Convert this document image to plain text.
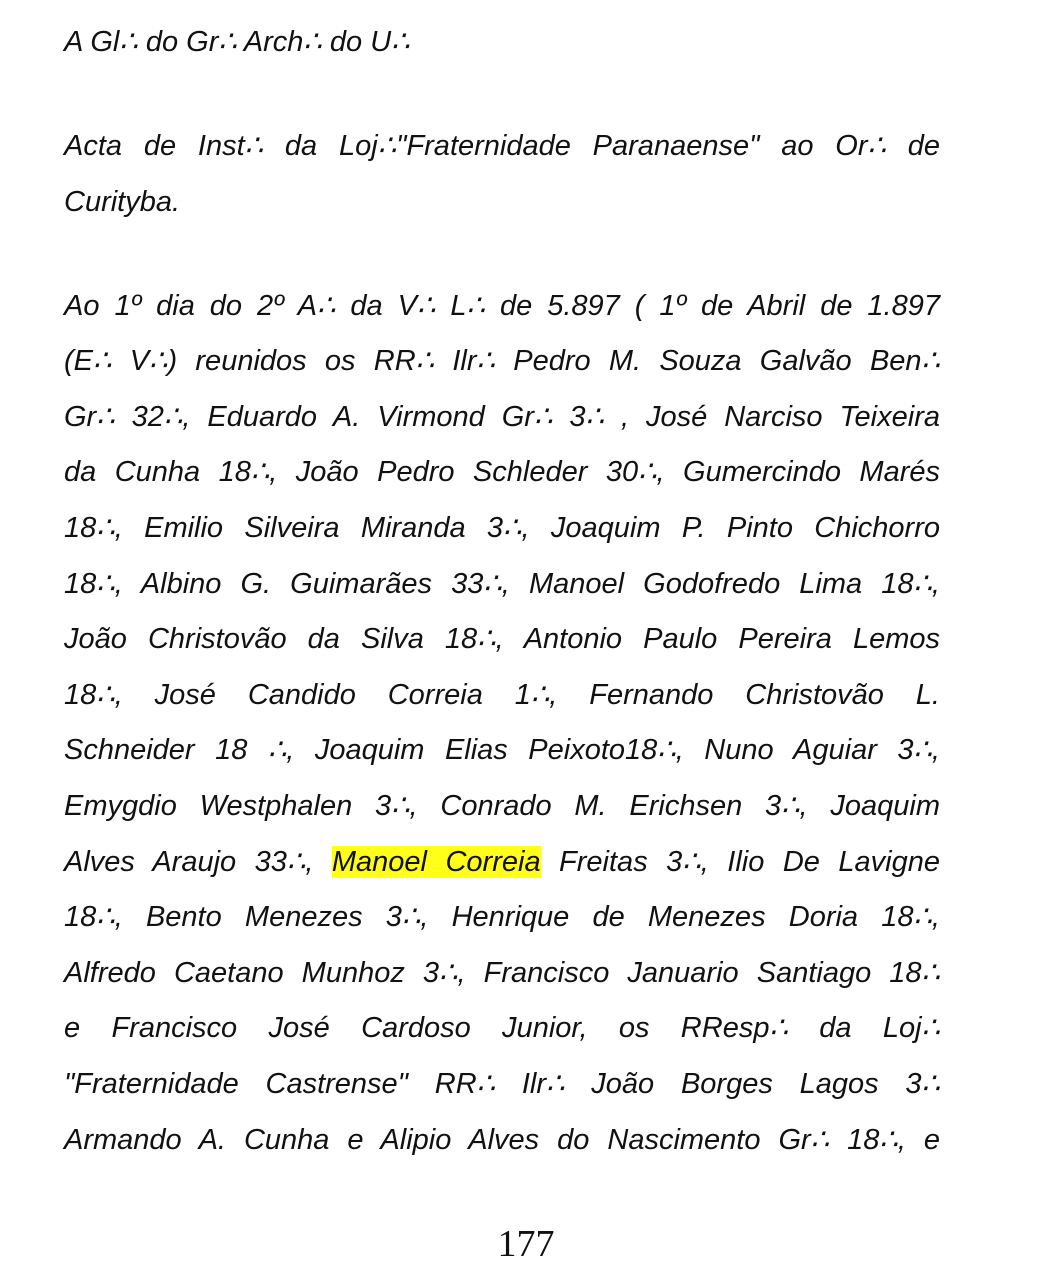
A Gl∴ do Gr∴ Arch∴ do U∴
Acta de Inst∴ da Loj∴"Fraternidade Paranaense" ao Or∴ de
Curityba.
Ao 1º dia do 2º A∴ da V∴ L∴ de 5.897 ( 1º de Abril de 1.897
(E∴ V∴) reunidos os RR∴ Ilr∴ Pedro M. Souza Galvão Ben∴
Gr∴ 32∴, Eduardo A. Virmond Gr∴ 3∴ , José Narciso Teixeira
da Cunha 18∴, João Pedro Schleder 30∴, Gumercindo Marés
18∴, Emilio Silveira Miranda 3∴, Joaquim P. Pinto Chichorro
18∴, Albino G. Guimarães 33∴, Manoel Godofredo Lima 18∴,
João Christovão da Silva 18∴, Antonio Paulo Pereira Lemos
18∴, José Candido Correia 1∴, Fernando Christovão L.
Schneider 18 ∴, Joaquim Elias Peixoto18∴, Nuno Aguiar 3∴,
Emygdio Westphalen 3∴, Conrado M. Erichsen 3∴, Joaquim
Alves Araujo 33∴, Manoel Correia Freitas 3∴, Ilio De Lavigne
18∴, Bento Menezes 3∴, Henrique de Menezes Doria 18∴,
Alfredo Caetano Munhoz 3∴, Francisco Januario Santiago 18∴
e Francisco José Cardoso Junior, os RResp∴ da Loj∴
"Fraternidade Castrense" RR∴ Ilr∴ João Borges Lagos 3∴
Armando A. Cunha e Alipio Alves do Nascimento Gr∴ 18∴, e
177
